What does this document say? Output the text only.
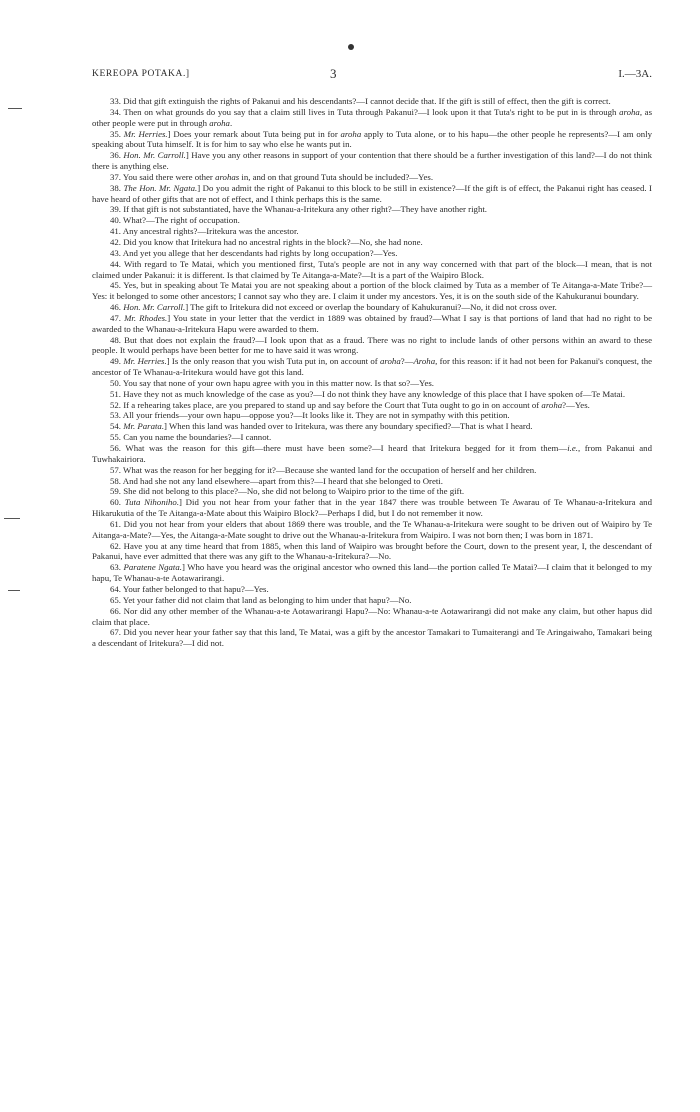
KEREOPA POTAKA.]	3	I.—3A.

33. Did that gift extinguish the rights of Pakanui and his descendants?—I cannot decide that. If the gift is still of effect, then the gift is correct.

34. Then on what grounds do you say that a claim still lives in Tuta through Pakanui?—I look upon it that Tuta's right to be put in is through aroha, as other people were put in through aroha.

35. Mr. Herries.] Does your remark about Tuta being put in for aroha apply to Tuta alone, or to his hapu—the other people he represents?—I am only speaking about Tuta himself. It is for him to say who else he wants put in.

36. Hon. Mr. Carroll.] Have you any other reasons in support of your contention that there should be a further investigation of this land?—I do not think there is anything else.

37. You said there were other arohas in, and on that ground Tuta should be included?—Yes.

38. The Hon. Mr. Ngata.] Do you admit the right of Pakanui to this block to be still in existence?—If the gift is of effect, the Pakanui right has ceased. I have heard of other gifts that are not of effect, and I think perhaps this is the same.

39. If that gift is not substantiated, have the Whanau-a-Iritekura any other right?—They have another right.

40. What?—The right of occupation.

41. Any ancestral rights?—Iritekura was the ancestor.

42. Did you know that Iritekura had no ancestral rights in the block?—No, she had none.

43. And yet you allege that her descendants had rights by long occupation?—Yes.

44. With regard to Te Matai, which you mentioned first, Tuta's people are not in any way concerned with that part of the block—I mean, that is not claimed under Pakanui: it is different. Is that claimed by Te Aitanga-a-Mate?—It is a part of the Waipiro Block.

45. Yes, but in speaking about Te Matai you are not speaking about a portion of the block claimed by Tuta as a member of Te Aitanga-a-Mate Tribe?—Yes: it belonged to some other ancestors; I cannot say who they are. I claim it under my ancestors. Yes, it is on the south side of the Kahukuranui boundary.

46. Hon. Mr. Carroll.] The gift to Iritekura did not exceed or overlap the boundary of Kahukuranui?—No, it did not cross over.

47. Mr. Rhodes.] You state in your letter that the verdict in 1889 was obtained by fraud?—What I say is that portions of land that had no right to be awarded to the Whanau-a-Iritekura Hapu were awarded to them.

48. But that does not explain the fraud?—I look upon that as a fraud. There was no right to include lands of other persons within an award to these people. It would perhaps have been better for me to have said it was wrong.

49. Mr. Herries.] Is the only reason that you wish Tuta put in, on account of aroha?—Aroha, for this reason: if it had not been for Pakanui's conquest, the ancestor of Te Whanau-a-Iritekura would have got this land.

50. You say that none of your own hapu agree with you in this matter now. Is that so?—Yes.

51. Have they not as much knowledge of the case as you?—I do not think they have any knowledge of this place that I have spoken of—Te Matai.

52. If a rehearing takes place, are you prepared to stand up and say before the Court that Tuta ought to go in on account of aroha?—Yes.

53. All your friends—your own hapu—oppose you?—It looks like it. They are not in sympathy with this petition.

54. Mr. Parata.] When this land was handed over to Iritekura, was there any boundary specified?—That is what I heard.

55. Can you name the boundaries?—I cannot.

56. What was the reason for this gift—there must have been some?—I heard that Iritekura begged for it from them—i.e., from Pakanui and Tuwhakairiora.

57. What was the reason for her begging for it?—Because she wanted land for the occupation of herself and her children.

58. And had she not any land elsewhere—apart from this?—I heard that she belonged to Oreti.

59. She did not belong to this place?—No, she did not belong to Waipiro prior to the time of the gift.

60. Tuta Nihoniho.] Did you not hear from your father that in the year 1847 there was trouble between Te Awarau of Te Whanau-a-Iritekura and Hikarukutia of the Te Aitanga-a-Mate about this Waipiro Block?—Perhaps I did, but I do not remember it now.

61. Did you not hear from your elders that about 1869 there was trouble, and the Te Whanau-a-Iritekura were sought to be driven out of Waipiro by Te Aitanga-a-Mate?—Yes, the Aitanga-a-Mate sought to drive out the Whanau-a-Iritekura from Waipiro. I was not born then; I was born in 1871.

62. Have you at any time heard that from 1885, when this land of Waipiro was brought before the Court, down to the present year, I, the descendant of Pakanui, have ever admitted that there was any gift to the Whanau-a-Iritekura?—No.

63. Paratene Ngata.] Who have you heard was the original ancestor who owned this land—the portion called Te Matai?—I claim that it belonged to my hapu, Te Whanau-a-te Aotawarirangi.

64. Your father belonged to that hapu?—Yes.

65. Yet your father did not claim that land as belonging to him under that hapu?—No.

66. Nor did any other member of the Whanau-a-te Aotawarirangi Hapu?—No: Whanau-a-te Aotawarirangi did not make any claim, but other hapus did claim that place.

67. Did you never hear your father say that this land, Te Matai, was a gift by the ancestor Tamakari to Tumaiterangi and Te Aringaiwaho, Tamakari being a descendant of Iritekura?—I did not.
